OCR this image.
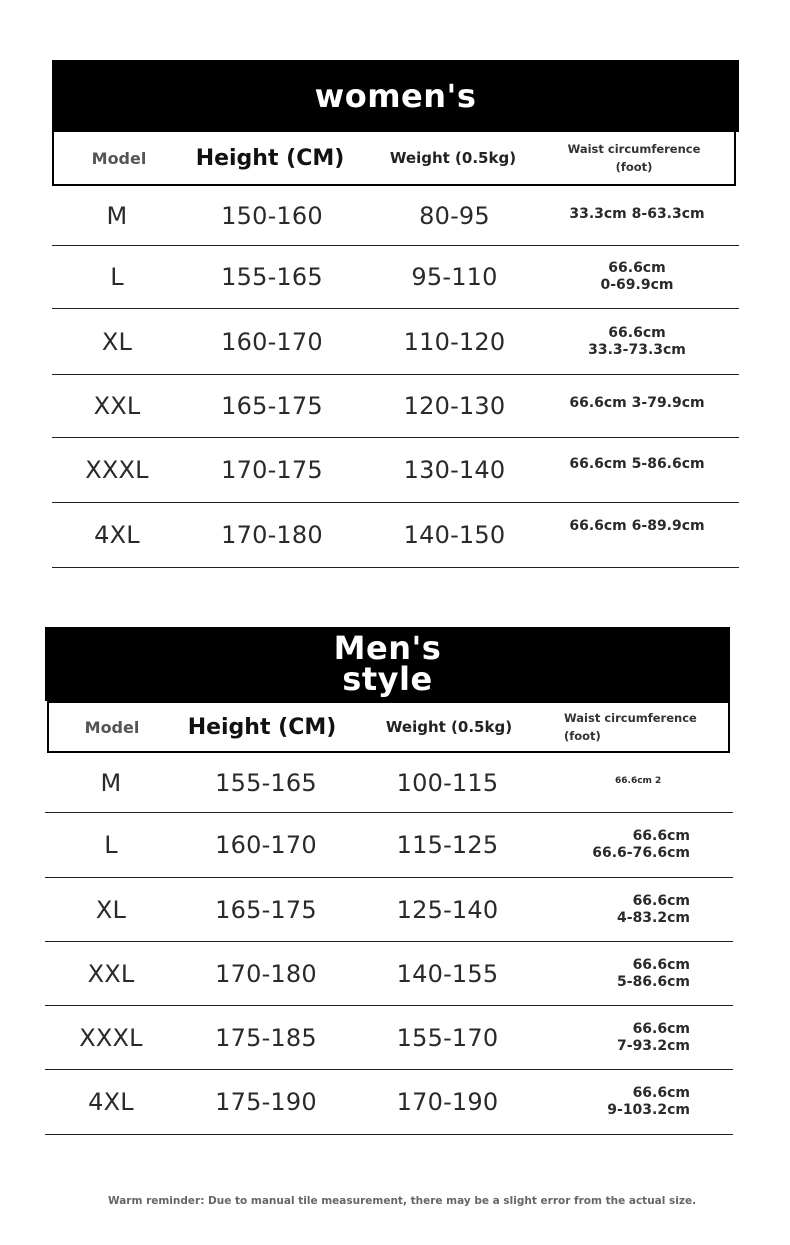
women's
Model	Height (CM)	Weight (0.5kg)	Waist circumference
(foot)
M	150-160	80-95	33.3cm 8-63.3cm
L	155-165	95-110	66.6cm
0-69.9cm
XL	160-170	110-120	66.6cm
33.3-73.3cm
XXL	165-175	120-130	66.6cm 3-79.9cm
XXXL	170-175	130-140	66.6cm 5-86.6cm
4XL	170-180	140-150	66.6cm 6-89.9cm
Men's
style
Model	Height (CM)	Weight (0.5kg)	Waist circumference
(foot)
M	155-165	100-115	66.6cm 2
L	160-170	115-125	66.6cm
66.6-76.6cm
XL	165-175	125-140	66.6cm
4-83.2cm
XXL	170-180	140-155	66.6cm
5-86.6cm
XXXL	175-185	155-170	66.6cm
7-93.2cm
4XL	175-190	170-190	66.6cm
9-103.2cm
Warm reminder: Due to manual tile measurement, there may be a slight error from the actual size.
